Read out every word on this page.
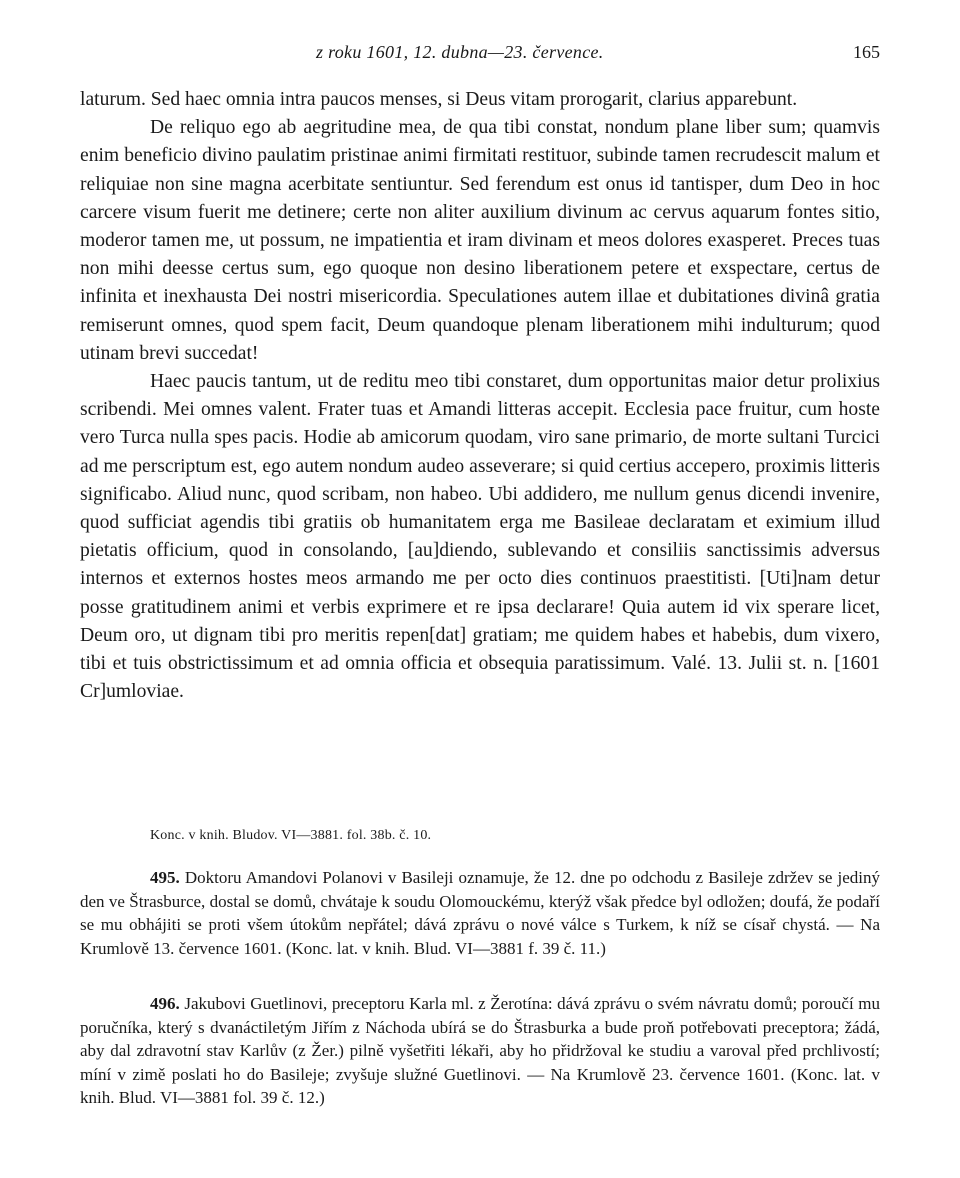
z roku 1601, 12. dubna—23. července.	165

laturum. Sed haec omnia intra paucos menses, si Deus vitam prorogarit, clarius apparebunt.

De reliquo ego ab aegritudine mea, de qua tibi constat, nondum plane liber sum; quamvis enim beneficio divino paulatim pristinae animi firmitati restituor, subinde tamen recrudescit malum et reliquiae non sine magna acerbitate sentiuntur. Sed ferendum est onus id tantisper, dum Deo in hoc carcere visum fuerit me detinere; certe non aliter auxilium divinum ac cervus aquarum fontes sitio, moderor tamen me, ut possum, ne impatientia et iram divinam et meos dolores exasperet. Preces tuas non mihi deesse certus sum, ego quoque non desino liberationem petere et exspectare, certus de infinita et inexhausta Dei nostri misericordia. Speculationes autem illae et dubitationes divinâ gratia remiserunt omnes, quod spem facit, Deum quandoque plenam liberationem mihi indulturum; quod utinam brevi succedat!

Haec paucis tantum, ut de reditu meo tibi constaret, dum opportunitas maior detur prolixius scribendi. Mei omnes valent. Frater tuas et Amandi litteras accepit. Ecclesia pace fruitur, cum hoste vero Turca nulla spes pacis. Hodie ab amicorum quodam, viro sane primario, de morte sultani Turcici ad me perscriptum est, ego autem nondum audeo asseverare; si quid certius accepero, proximis litteris significabo. Aliud nunc, quod scribam, non habeo. Ubi addidero, me nullum genus dicendi invenire, quod sufficiat agendis tibi gratiis ob humanitatem erga me Basileae declaratam et eximium illud pietatis officium, quod in consolando, [au]diendo, sublevando et consiliis sanctissimis adversus internos et externos hostes meos armando me per octo dies continuos praestitisti. [Uti]nam detur posse gratitudinem animi et verbis exprimere et re ipsa declarare! Quia autem id vix sperare licet, Deum oro, ut dignam tibi pro meritis repen[dat] gratiam; me quidem habes et habebis, dum vixero, tibi et tuis obstrictissimum et ad omnia officia et obsequia paratissimum. Valé. 13. Julii st. n. [1601 Cr]umloviae.

Konc. v knih. Bludov. VI—3881. fol. 38b. č. 10.

495. Doktoru Amandovi Polanovi v Basileji oznamuje, že 12. dne po odchodu z Basileje zdržev se jediný den ve Štrasburce, dostal se domů, chvátaje k soudu Olomouckému, kterýž však předce byl odložen; doufá, že podaří se mu obhájiti se proti všem útokům nepřátel; dává zprávu o nové válce s Turkem, k níž se císař chystá. — Na Krumlově 13. července 1601. (Konc. lat. v knih. Blud. VI—3881 f. 39 č. 11.)

496. Jakubovi Guetlinovi, preceptoru Karla ml. z Žerotína: dává zprávu o svém návratu domů; poroučí mu poručníka, který s dvanáctiletým Jiřím z Náchoda ubírá se do Štrasburka a bude proň potřebovati preceptora; žádá, aby dal zdravotní stav Karlův (z Žer.) pilně vyšetřiti lékaři, aby ho přidržoval ke studiu a varoval před prchlivostí; míní v zimě poslati ho do Basileje; zvyšuje služné Guetlinovi. — Na Krumlově 23. července 1601. (Konc. lat. v knih. Blud. VI—3881 fol. 39 č. 12.)
